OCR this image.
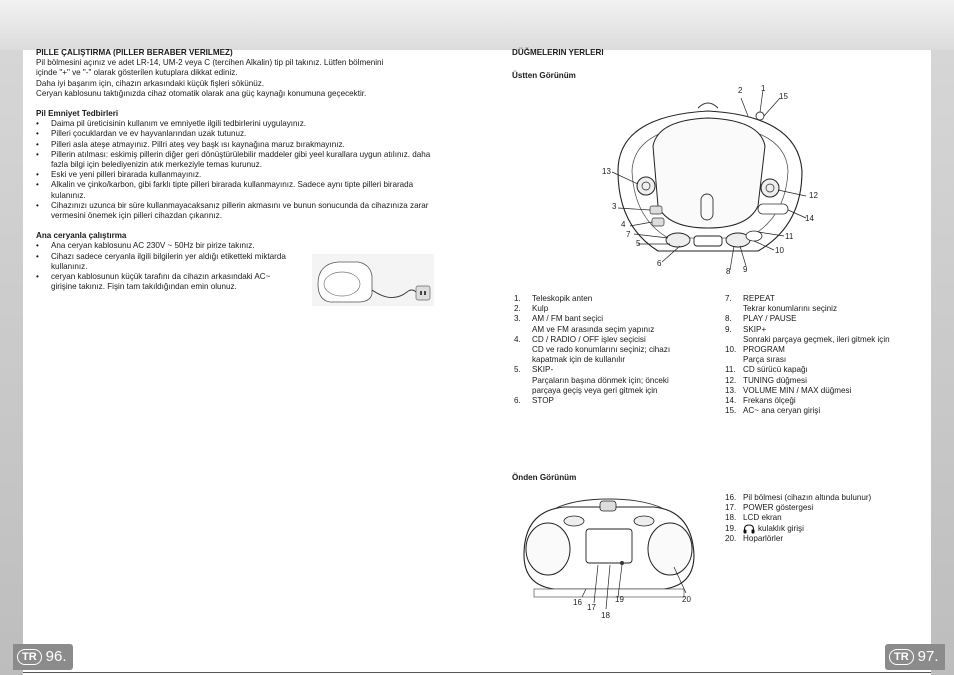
TR 96.	TR 97.
PILLE ÇALIŞTIRMA (PILLER BERABER VERILMEZ)

Pil bölmesini açınız ve adet LR-14, UM-2 veya C (tercihen Alkalin) tip pil takınız. Lütfen bölmenini

içinde "+" ve "-" olarak gösterilen kutuplara dikkat ediniz.

Daha iyi başarım için, cihazın arkasındaki küçük fişleri sökünüz.

Ceryan kablosunu taktığınızda cihaz otomatik olarak ana güç kaynağı konumuna geçecektir.

Pil Emniyet Tedbirleri
• Daima pil üreticisinin kullanım ve emniyetle ilgili tedbirlerini uygulayınız.
• Pilleri çocuklardan ve ev hayvanlarından uzak tutunuz.
• Pilleri asla ateşe atmayınız. Pillri ateş vey başk ısı kaynağına maruz bırakmayınız.
• Pillerin atılması: eskimiş pillerin diğer geri dönüştürülebilir maddeler gibi yeel kurallara uygun atılınız. daha fazla bilgi için belediyenizin atık merkeziyle temas kurunuz.
• Eski ve yeni pilleri birarada kullanmayınız.
• Alkalin ve çinko/karbon, gibi farklı tipte pilleri birarada kullanmayınız. Sadece aynı tipte pilleri birarada kulanınız.
• Cihazınızı uzunca bir süre kullanmayacaksanız pillerin akmasını ve bunun sonucunda da cihazınıza zarar vermesini önemek için pilleri cihazdan çıkarınız.
Ana ceryanla çalıştırma
• Ana ceryan kablosunu AC 230V ~ 50Hz bir pirize takınız.
• Cihazı sadece ceryanla ilgili bilgilerin yer aldığı etiketteki miktarda kullanınız.
• ceryan kablosunun küçük tarafını da cihazın arkasındaki AC~ girişine takınız. Fişin tam takıldığından emin olunuz.
DÜĞMELERIN YERLERI
Üstten Görünüm
2 1
15
13
3
4
7
5
6
8 9
10
11
12
14
1.	Teleskopik anten
2.	Kulp
3.	AM / FM bant seçici
AM ve FM arasında seçim yapınız
4.	CD / RADIO / OFF işlev seçicisi
CD ve rado konumlarını seçiniz; cihazı kapatmak için de kullanılır
5.	SKIP-
Parçaların başına dönmek için; önceki parçaya geçiş veya geri gitmek için
6.	STOP
7.	REPEAT
Tekrar konumlarını seçiniz
8.	PLAY / PAUSE
9.	SKIP+
Sonraki parçaya geçmek, ileri gitmek için
10. PROGRAM
Parça sırası
11. CD sürücü kapağı
12. TUNING düğmesi
13. VOLUME MIN / MAX düğmesi
14. Frekans ölçeği
15. AC~ ana ceryan girişi
Önden Görünüm
16
17
18
19	20
16. Pil bölmesi (cihazın altında bulunur)
17. POWER göstergesi
18. LCD ekran
19.	kulaklık girişi
20. Hoparlörler
